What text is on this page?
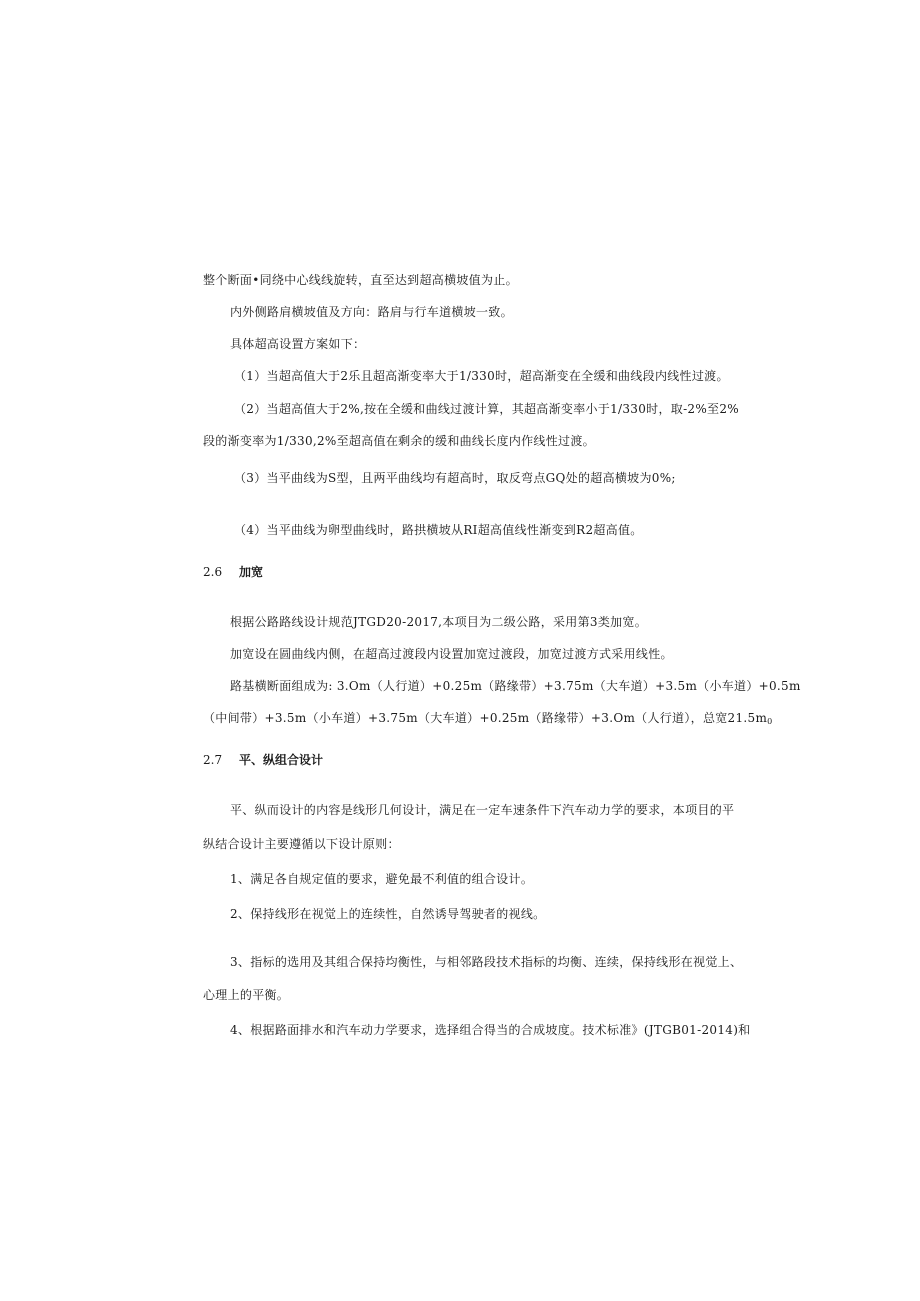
整个断面•同绕中心线线旋转，直至达到超高横坡值为止。
内外侧路肩横坡值及方向：路肩与行车道横坡一致。
具体超高设置方案如下：
（1）当超高值大于2乐且超高渐变率大于1/330时，超高渐变在全缓和曲线段内线性过渡。
（2）当超高值大于2%,按在全缓和曲线过渡计算，其超高渐变率小于1/330时，取-2%至2%
段的渐变率为1/330,2%至超高值在剩余的缓和曲线长度内作线性过渡。
（3）当平曲线为S型，且两平曲线均有超高时，取反弯点GQ处的超高横坡为0%;
（4）当平曲线为卵型曲线时，路拱横坡从RI超高值线性渐变到R2超高值。
2.6 加宽
根据公路路线设计规范JTGD20-2017,本项目为二级公路，采用第3类加宽。
加宽设在圆曲线内侧，在超高过渡段内设置加宽过渡段，加宽过渡方式采用线性。
路基横断面组成为: 3.Om（人行道）+0.25m（路缘带）+3.75m（大车道）+3.5m（小车道）+0.5m
（中间带）+3.5m（小车道）+3.75m（大车道）+0.25m（路缘带）+3.Om（人行道），总宽$21.5m_0$
2.7 平、纵组合设计
平、纵而设计的内容是线形几何设计，满足在一定车速条件下汽车动力学的要求，本项目的平
纵结合设计主要遵循以下设计原则：
1、满足各自规定值的要求，避免最不利值的组合设计。
2、保持线形在视觉上的连续性，自然诱导驾驶者的视线。
3、指标的选用及其组合保持均衡性，与相邻路段技术指标的均衡、连续，保持线形在视觉上、
心理上的平衡。
4、根据路面排水和汽车动力学要求，选择组合得当的合成坡度。技术标准》(JTGB01-2014)和
